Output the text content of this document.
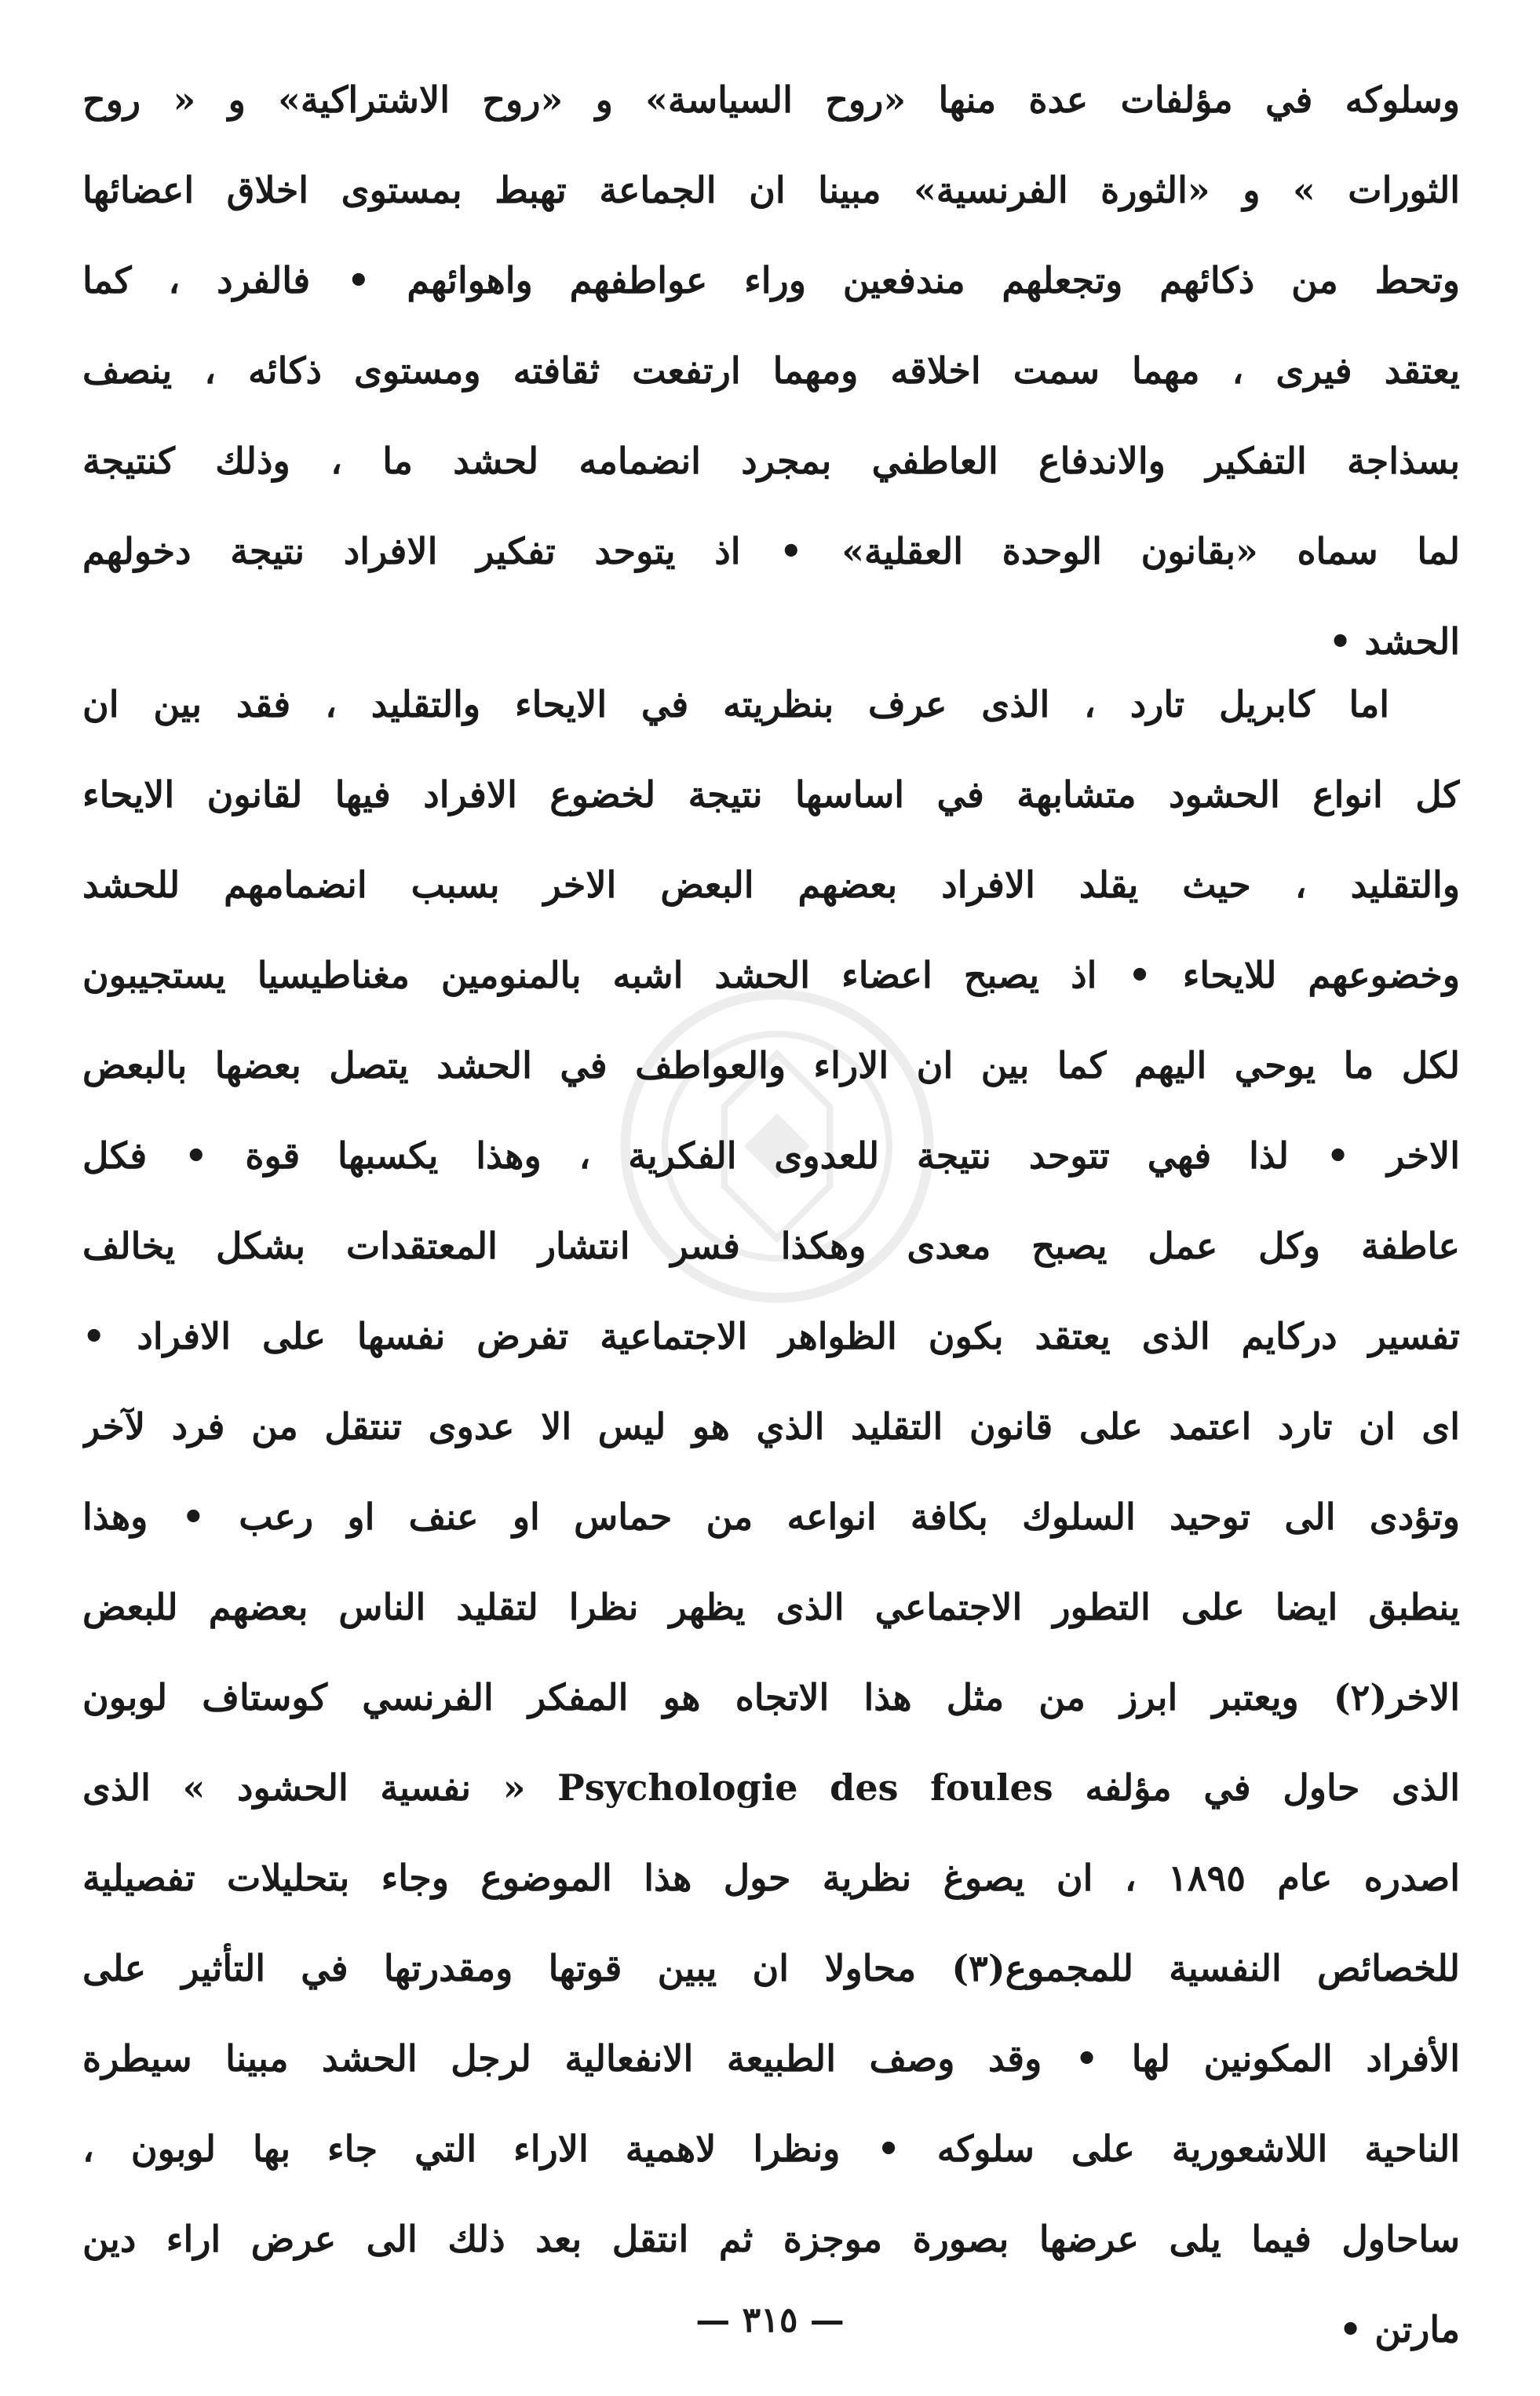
وسلوكه في مؤلفات عدة منها «روح السياسة» و «روح الاشتراكية» و « روح
الثورات » و «الثورة الفرنسية» مبينا ان الجماعة تهبط بمستوى اخلاق اعضائها
وتحط من ذكائهم وتجعلهم مندفعين وراء عواطفهم واهوائهم • فالفرد ، كما
يعتقد فيرى ، مهما سمت اخلاقه ومهما ارتفعت ثقافته ومستوى ذكائه ، ينصف
بسذاجة التفكير والاندفاع العاطفي بمجرد انضمامه لحشد ما ، وذلك كنتيجة
لما سماه «بقانون الوحدة العقلية» • اذ يتوحد تفكير الافراد نتيجة دخولهم
الحشد •
اما كابريل تارد ، الذى عرف بنظريته في الايحاء والتقليد ، فقد بين ان
كل انواع الحشود متشابهة في اساسها نتيجة لخضوع الافراد فيها لقانون الايحاء
والتقليد ، حيث يقلد الافراد بعضهم البعض الاخر بسبب انضمامهم للحشد
وخضوعهم للايحاء • اذ يصبح اعضاء الحشد اشبه بالمنومين مغناطيسيا يستجيبون
لكل ما يوحي اليهم كما بين ان الاراء والعواطف في الحشد يتصل بعضها بالبعض
الاخر • لذا فهي تتوحد نتيجة للعدوى الفكرية ، وهذا يكسبها قوة • فكل
عاطفة وكل عمل يصبح معدى وهكذا فسر انتشار المعتقدات بشكل يخالف
تفسير دركايم الذى يعتقد بكون الظواهر الاجتماعية تفرض نفسها على الافراد •
اى ان تارد اعتمد على قانون التقليد الذي هو ليس الا عدوى تنتقل من فرد لآخر
وتؤدى الى توحيد السلوك بكافة انواعه من حماس او عنف او رعب • وهذا
ينطبق ايضا على التطور الاجتماعي الذى يظهر نظرا لتقليد الناس بعضهم للبعض
الاخر(٢) ويعتبر ابرز من مثل هذا الاتجاه هو المفكر الفرنسي كوستاف لوبون
الذى حاول في مؤلفه Psychologie des foules « نفسية الحشود » الذى
اصدره عام ١٨٩٥ ، ان يصوغ نظرية حول هذا الموضوع وجاء بتحليلات تفصيلية
للخصائص النفسية للمجموع(٣) محاولا ان يبين قوتها ومقدرتها في التأثير على
الأفراد المكونين لها • وقد وصف الطبيعة الانفعالية لرجل الحشد مبينا سيطرة
الناحية اللاشعورية على سلوكه • ونظرا لاهمية الاراء التي جاء بها لوبون ،
ساحاول فيما يلى عرضها بصورة موجزة ثم انتقل بعد ذلك الى عرض اراء دين
مارتن •
— ٣١٥ —
